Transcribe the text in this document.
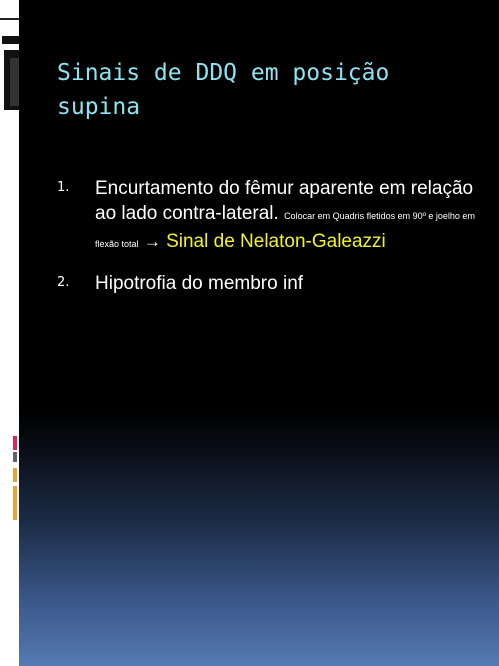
Sinais de DDQ em posição supina
1. Encurtamento do fêmur aparente em relação ao lado contra-lateral. Colocar em Quadris fletidos em 90º e joelho em flexão total → Sinal de Nelaton-Galeazzi
2. Hipotrofia do membro inf
